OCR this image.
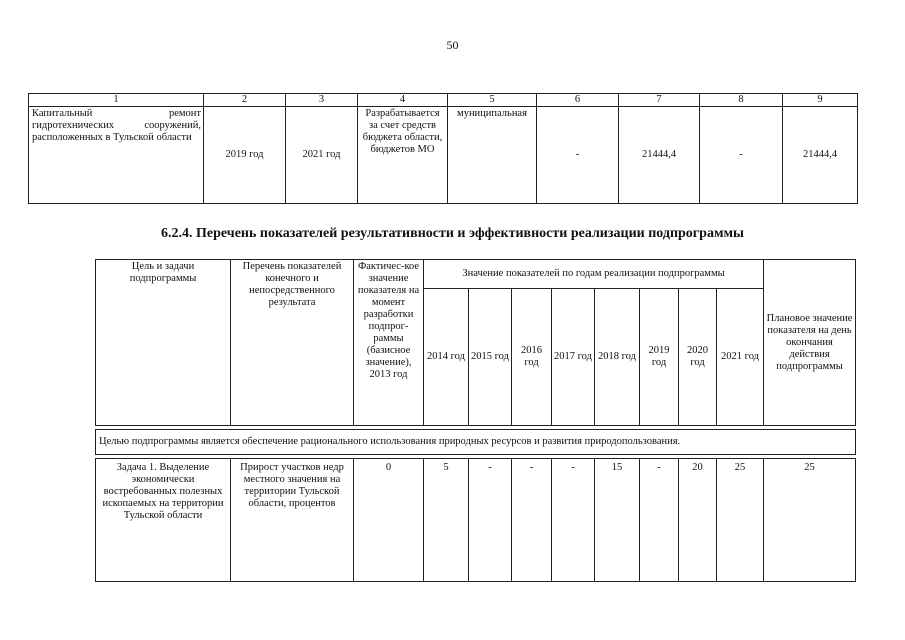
50
1	2	3	4	5	6	7	8	9
Капитальный ремонт гидротехнических сооружений, расположенных в Тульской области	2019 год	2021 год	Разрабатывается за счет средств бюджета области, бюджетов МО	муниципальная	-	21444,4	-	21444,4
6.2.4. Перечень показателей результативности и эффективности реализации подпрограммы
Цель и задачи подпрограммы	Перечень показателей конечного и непосредственного результата	Фактичес-кое значение показателя на момент разработки подпрог-раммы (базисное значение), 2013 год	Значение показателей по годам реализации подпрограммы								Плановое значение показателя на день окончания действия подпрограммы
			2014 год	2015 год	2016 год	2017 год	2018 год	2019 год	2020 год	2021 год	

Целью подпрограммы является обеспечение рационального использования природных ресурсов и развития природопользования.											

Задача 1. Выделение экономически востребованных полезных ископаемых на территории Тульской области	Прирост участков недр местного значения на территории Тульской области, процентов	0	5	-	-	-	15	-	20	25	25
